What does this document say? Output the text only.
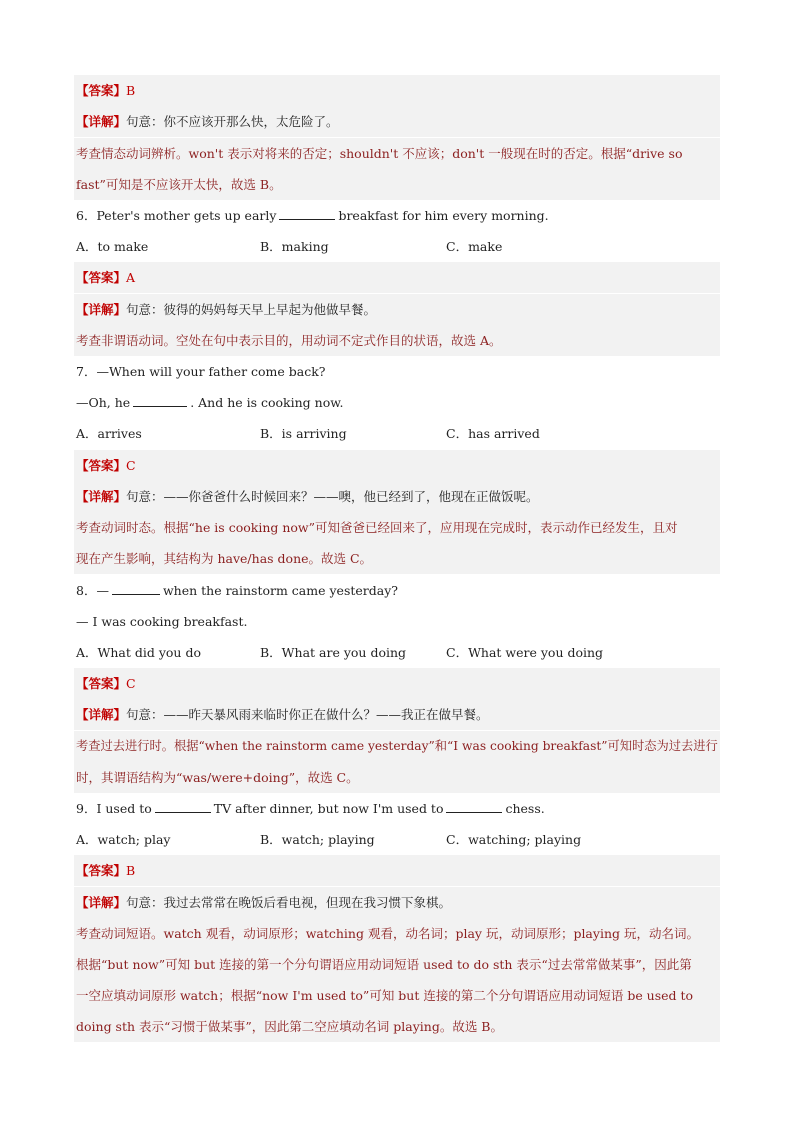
【答案】B
【详解】句意：你不应该开那么快，太危险了。
考查情态动词辨析。won't 表示对将来的否定；shouldn't 不应该；don't 一般现在时的否定。根据“drive so
fast”可知是不应该开太快，故选 B。
6．Peter's mother gets up early	breakfast for him every morning.
A．to make	B．making	C．make
【答案】A
【详解】句意：彼得的妈妈每天早上早起为他做早餐。
考查非谓语动词。空处在句中表示目的，用动词不定式作目的状语，故选 A。
7．—When will your father come back?
—Oh, he	. And he is cooking now.
A．arrives	B．is arriving	C．has arrived
【答案】C
【详解】句意：——你爸爸什么时候回来？——噢，他已经到了，他现在正做饭呢。
考查动词时态。根据“he is cooking now”可知爸爸已经回来了，应用现在完成时，表示动作已经发生，且对
现在产生影响，其结构为 have/has done。故选 C。
8．—	when the rainstorm came yesterday?
— I was cooking breakfast.
A．What did you do	B．What are you doing	C．What were you doing
【答案】C
【详解】句意：——昨天暴风雨来临时你正在做什么？——我正在做早餐。
考查过去进行时。根据“when the rainstorm came yesterday”和“I was cooking breakfast”可知时态为过去进行
时，其谓语结构为“was/were+doing”，故选 C。
9．I used to	TV after dinner, but now I'm used to	chess.
A．watch; play	B．watch; playing	C．watching; playing
【答案】B
【详解】句意：我过去常常在晚饭后看电视，但现在我习惯下象棋。
考查动词短语。watch 观看，动词原形；watching 观看，动名词；play 玩，动词原形；playing 玩，动名词。
根据“but now”可知 but 连接的第一个分句谓语应用动词短语 used to do sth 表示“过去常常做某事”，因此第
一空应填动词原形 watch；根据“now I'm used to”可知 but 连接的第二个分句谓语应用动词短语 be used to
doing sth 表示“习惯于做某事”，因此第二空应填动名词 playing。故选 B。
